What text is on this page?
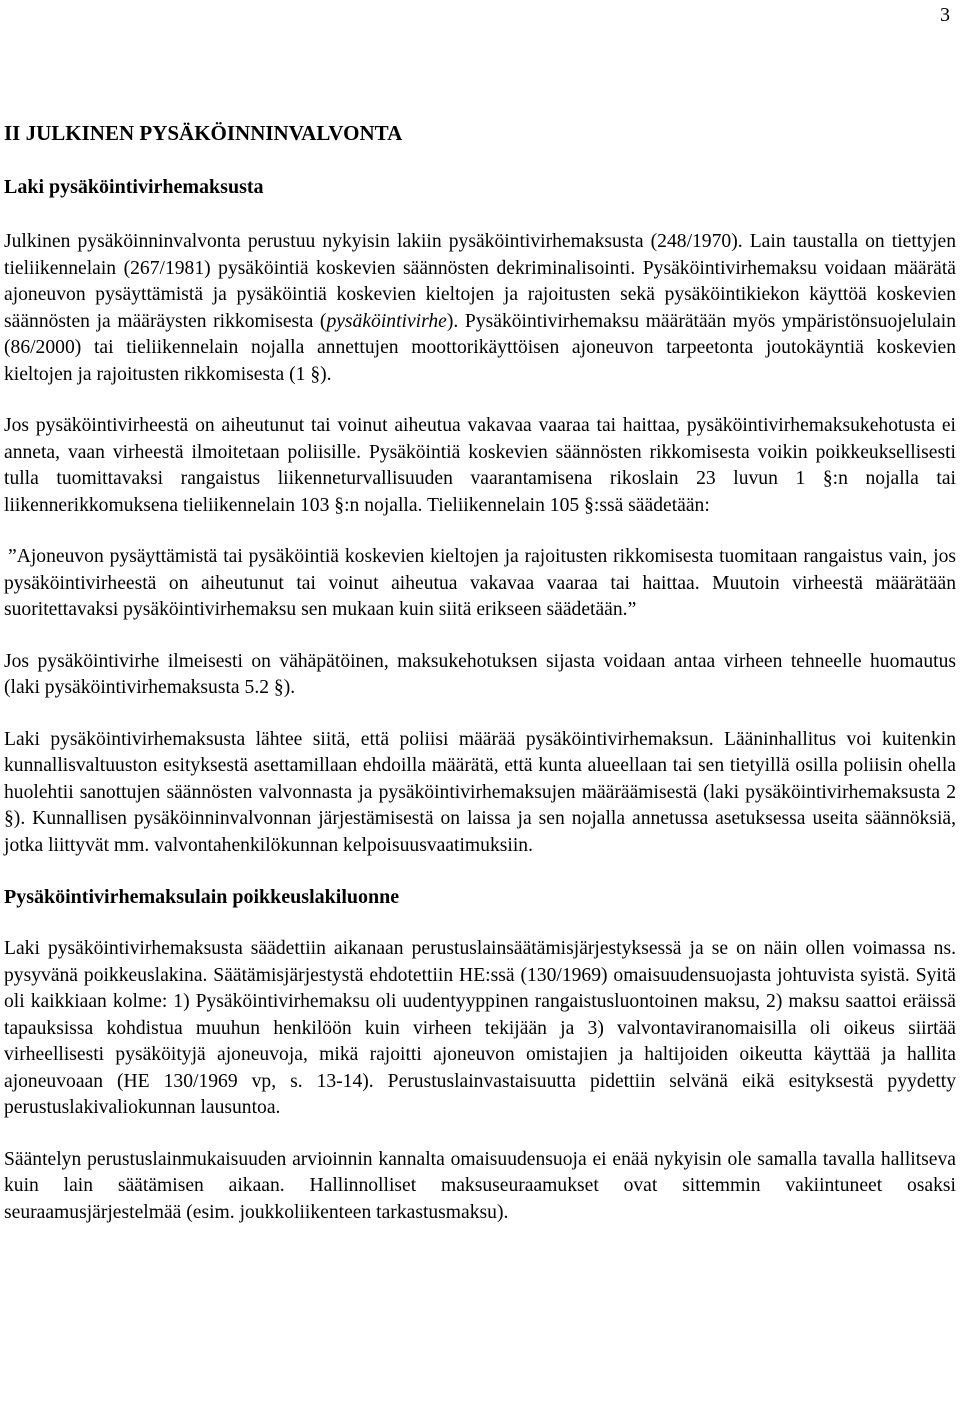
3
II JULKINEN PYSÄKÖINNINVALVONTA
Laki pysäköintivirhemaksusta

Julkinen pysäköinninvalvonta perustuu nykyisin lakiin pysäköintivirhemaksusta (248/1970). Lain taustalla on tiettyjen tieliikennelain (267/1981) pysäköintiä koskevien säännösten dekriminalisointi. Pysäköintivirhemaksu voidaan määrätä ajoneuvon pysäyttämistä ja pysäköintiä koskevien kieltojen ja rajoitusten sekä pysäköintikiekon käyttöä koskevien säännösten ja määräysten rikkomisesta (pysäköintivirhe). Pysäköintivirhemaksu määrätään myös ympäristönsuojelulain (86/2000) tai tieliikennelain nojalla annettujen moottorikäyttöisen ajoneuvon tarpeetonta joutokäyntiä koskevien kieltojen ja rajoitusten rikkomisesta (1 §).

Jos pysäköintivirheestä on aiheutunut tai voinut aiheutua vakavaa vaaraa tai haittaa, pysäköintivirhemaksukehotusta ei anneta, vaan virheestä ilmoitetaan poliisille. Pysäköintiä koskevien säännösten rikkomisesta voikin poikkeuksellisesti tulla tuomittavaksi rangaistus liikenneturvallisuuden vaarantamisena rikoslain 23 luvun 1 §:n nojalla tai liikennerikkomuksena tieliikennelain 103 §:n nojalla. Tieliikennelain 105 §:ssä säädetään:

”Ajoneuvon pysäyttämistä tai pysäköintiä koskevien kieltojen ja rajoitusten rikkomisesta tuomitaan rangaistus vain, jos pysäköintivirheestä on aiheutunut tai voinut aiheutua vakavaa vaaraa tai haittaa. Muutoin virheestä määrätään suoritettavaksi pysäköintivirhemaksu sen mukaan kuin siitä erikseen säädetään.”

Jos pysäköintivirhe ilmeisesti on vähäpätöinen, maksukehotuksen sijasta voidaan antaa virheen tehneelle huomautus (laki pysäköintivirhemaksusta 5.2 §).

Laki pysäköintivirhemaksusta lähtee siitä, että poliisi määrää pysäköintivirhemaksun. Lääninhallitus voi kuitenkin kunnallisvaltuuston esityksestä asettamillaan ehdoilla määrätä, että kunta alueellaan tai sen tietyillä osilla poliisin ohella huolehtii sanottujen säännösten valvonnasta ja pysäköintivirhemaksujen määräämisestä (laki pysäköintivirhemaksusta 2 §). Kunnallisen pysäköinninvalvonnan järjestämisestä on laissa ja sen nojalla annetussa asetuksessa useita säännöksiä, jotka liittyvät mm. valvontahenkilökunnan kelpoisuusvaatimuksiin.

Pysäköintivirhemaksulain poikkeuslakiluonne

Laki pysäköintivirhemaksusta säädettiin aikanaan perustuslainsäätämisjärjestyksessä ja se on näin ollen voimassa ns. pysyvänä poikkeuslakina. Säätämisjärjestystä ehdotettiin HE:ssä (130/1969) omaisuudensuojasta johtuvista syistä. Syitä oli kaikkiaan kolme: 1) Pysäköintivirhemaksu oli uudentyyppinen rangaistusluontoinen maksu, 2) maksu saattoi eräissä tapauksissa kohdistua muuhun henkilöön kuin virheen tekijään ja 3) valvontaviranomaisilla oli oikeus siirtää virheellisesti pysäköityjä ajoneuvoja, mikä rajoitti ajoneuvon omistajien ja haltijoiden oikeutta käyttää ja hallita ajoneuvoaan (HE 130/1969 vp, s. 13-14). Perustuslainvastaisuutta pidettiin selvänä eikä esityksestä pyydetty perustuslakivaliokunnan lausuntoa.

Sääntelyn perustuslainmukaisuuden arvioinnin kannalta omaisuudensuoja ei enää nykyisin ole samalla tavalla hallitseva kuin lain säätämisen aikaan. Hallinnolliset maksuseuraamukset ovat sittemmin vakiintuneet osaksi seuraamusjärjestelmää (esim. joukkoliikenteen tarkastusmaksu).
